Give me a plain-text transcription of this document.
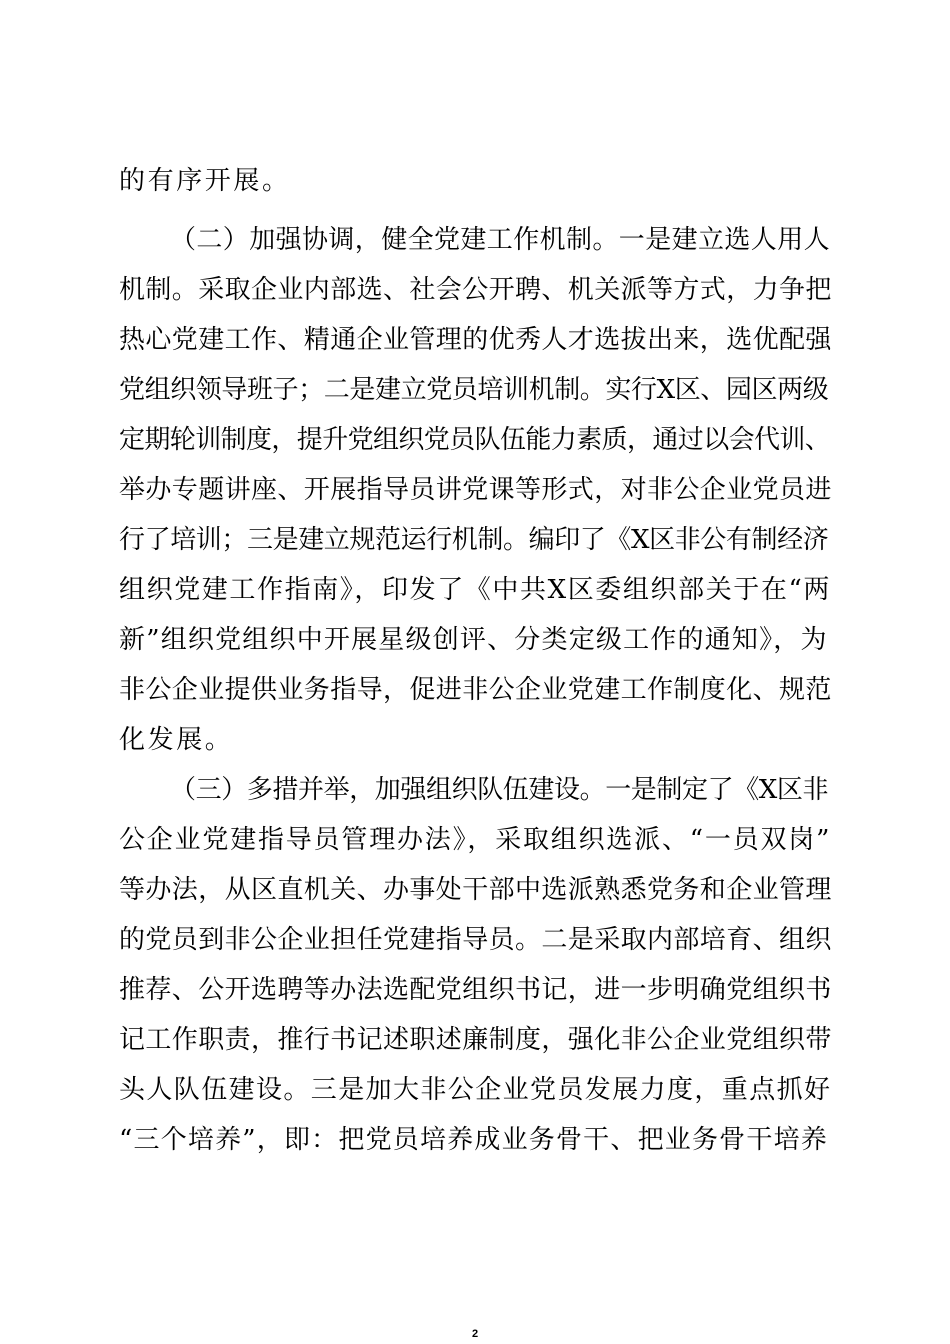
的有序开展。
（二）加强协调，健全党建工作机制。一是建立选人用人
机制。采取企业内部选、社会公开聘、机关派等方式，力争把
热心党建工作、精通企业管理的优秀人才选拔出来，选优配强
党组织领导班子；二是建立党员培训机制。实行X区、园区两级
定期轮训制度，提升党组织党员队伍能力素质，通过以会代训、
举办专题讲座、开展指导员讲党课等形式，对非公企业党员进
行了培训；三是建立规范运行机制。编印了《X区非公有制经济
组织党建工作指南》，印发了《中共X区委组织部关于在“两
新”组织党组织中开展星级创评、分类定级工作的通知》，为
非公企业提供业务指导，促进非公企业党建工作制度化、规范
化发展。
（三）多措并举，加强组织队伍建设。一是制定了《X区非
公企业党建指导员管理办法》，采取组织选派、“一员双岗”
等办法，从区直机关、办事处干部中选派熟悉党务和企业管理
的党员到非公企业担任党建指导员。二是采取内部培育、组织
推荐、公开选聘等办法选配党组织书记，进一步明确党组织书
记工作职责，推行书记述职述廉制度，强化非公企业党组织带
头人队伍建设。三是加大非公企业党员发展力度，重点抓好
“三个培养”，即：把党员培养成业务骨干、把业务骨干培养
2
